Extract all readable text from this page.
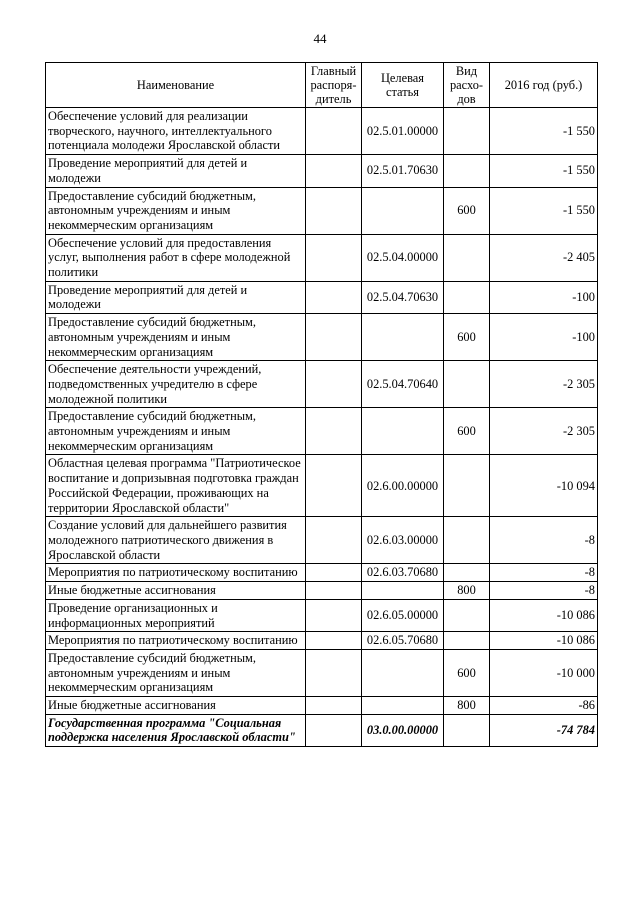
44
Наименование	Главный распоря-дитель	Целевая статья	Вид расхо-дов	2016 год (руб.)
Обеспечение условий для реализации творческого, научного, интеллектуального потенциала молодежи Ярославской области		02.5.01.00000		-1 550
Проведение мероприятий для детей и молодежи		02.5.01.70630		-1 550
Предоставление субсидий бюджетным, автономным учреждениям и иным некоммерческим организациям			600	-1 550
Обеспечение условий для предоставления услуг, выполнения работ в сфере молодежной политики		02.5.04.00000		-2 405
Проведение мероприятий для детей и молодежи		02.5.04.70630		-100
Предоставление субсидий бюджетным, автономным учреждениям и иным некоммерческим организациям			600	-100
Обеспечение деятельности учреждений, подведомственных учредителю в сфере молодежной политики		02.5.04.70640		-2 305
Предоставление субсидий бюджетным, автономным учреждениям и иным некоммерческим организациям			600	-2 305
Областная целевая программа "Патриотическое воспитание и допризывная подготовка граждан Российской Федерации, проживающих на территории Ярославской области"		02.6.00.00000		-10 094
Создание условий для дальнейшего развития молодежного патриотического движения в Ярославской области		02.6.03.00000		-8
Мероприятия по патриотическому воспитанию		02.6.03.70680		-8
Иные бюджетные ассигнования			800	-8
Проведение организационных и информационных мероприятий		02.6.05.00000		-10 086
Мероприятия по патриотическому воспитанию		02.6.05.70680		-10 086
Предоставление субсидий бюджетным, автономным учреждениям и иным некоммерческим организациям			600	-10 000
Иные бюджетные ассигнования			800	-86
Государственная программа "Социальная поддержка населения Ярославской области"		03.0.00.00000		-74 784
